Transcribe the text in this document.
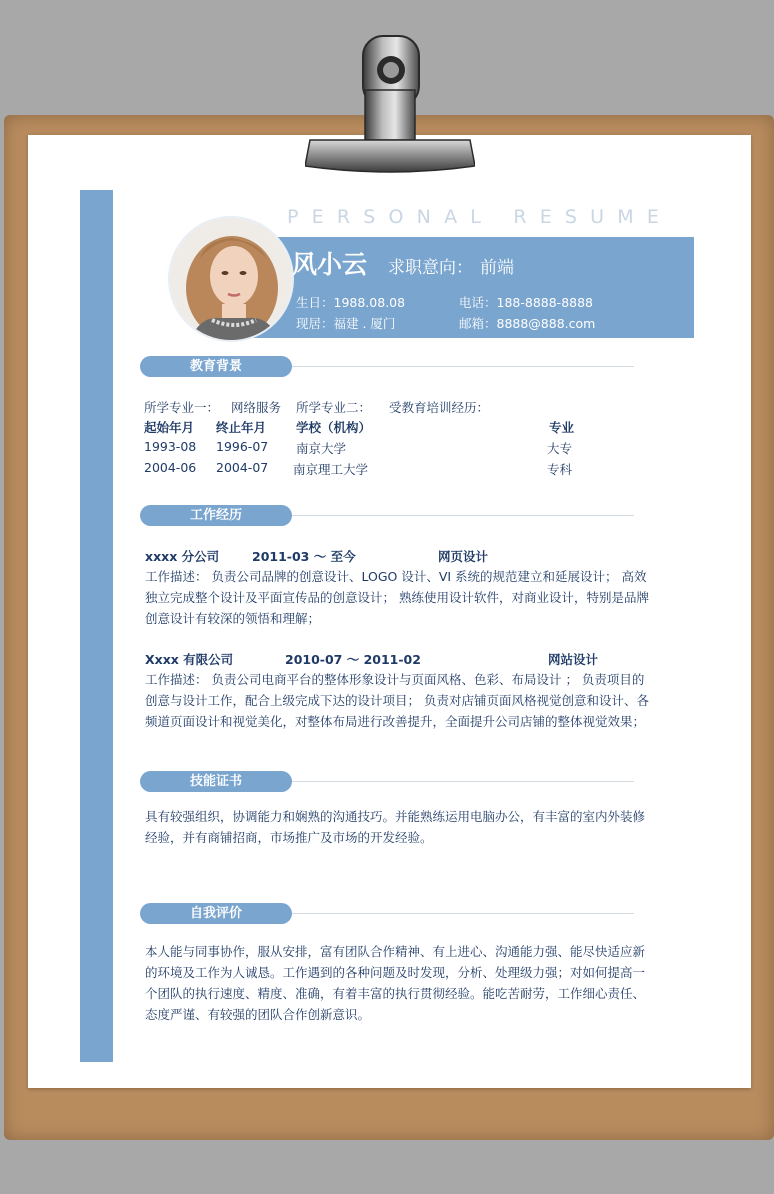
PERSONAL RESUME
风小云 求职意向： 前端
生日：1988.08.08	电话：188-8888-8888
现居：福建 . 厦门	邮箱：8888@888.com
教育背景
所学专业一： 网络服务 所学专业二： 受教育培训经历：
起始年月 终止年月 学校（机构）	专业
1993-08 1996-07 南京大学	大专
2004-06 2004-07 南京理工大学	专科
工作经历
xxxx 分公司	2011-03 ～ 至今	网页设计
工作描述： 负责公司品牌的创意设计、LOGO 设计、VI 系统的规范建立和延展设计； 高效
独立完成整个设计及平面宣传品的创意设计； 熟练使用设计软件，对商业设计，特别是品牌
创意设计有较深的领悟和理解；
Xxxx 有限公司	2010-07 ～ 2011-02	网站设计
工作描述： 负责公司电商平台的整体形象设计与页面风格、色彩、布局设计 ； 负责项目的
创意与设计工作，配合上级完成下达的设计项目； 负责对店铺页面风格视觉创意和设计、各
频道页面设计和视觉美化，对整体布局进行改善提升，全面提升公司店铺的整体视觉效果；
技能证书
具有较强组织，协调能力和娴熟的沟通技巧。并能熟练运用电脑办公，有丰富的室内外装修
经验，并有商铺招商，市场推广及市场的开发经验。
自我评价
本人能与同事协作，服从安排，富有团队合作精神、有上进心、沟通能力强、能尽快适应新
的环境及工作为人诚恳。工作遇到的各种问题及时发现，分析、处理级力强；对如何提高一
个团队的执行速度、精度、准确，有着丰富的执行贯彻经验。能吃苦耐劳，工作细心责任、
态度严谨、有较强的团队合作创新意识。
